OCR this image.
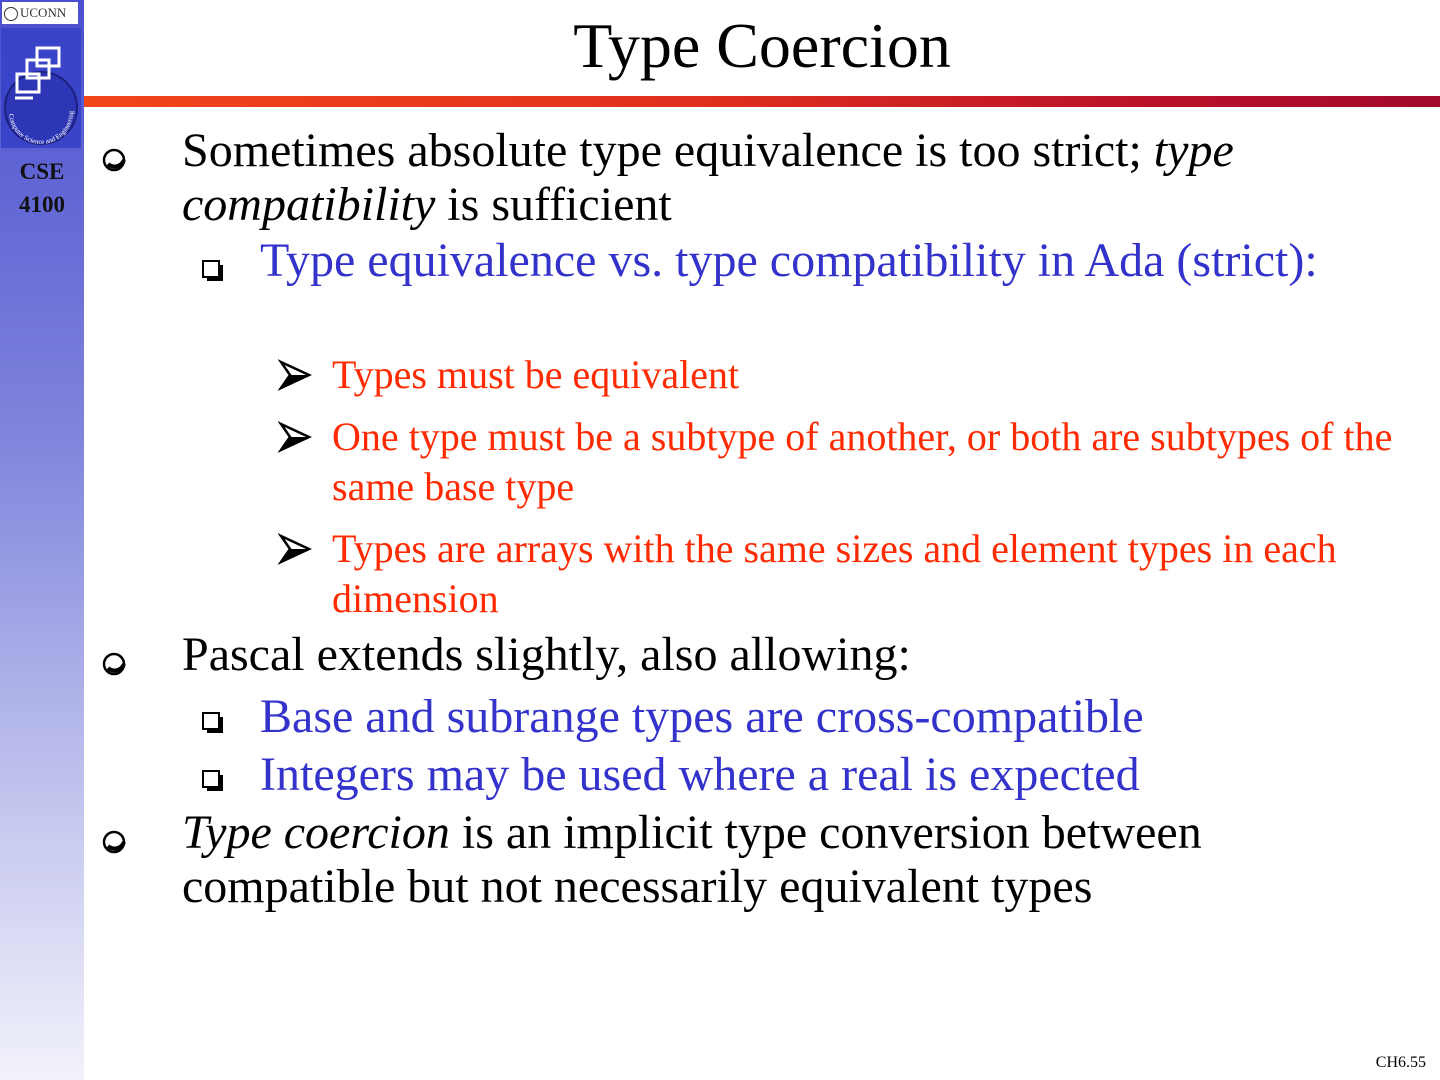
UCONN
Computer Science and Engineering
CSE
4100
Type Coercion
Sometimes absolute type equivalence is too strict; type compatibility is sufficient
Type equivalence vs. type compatibility in Ada (strict):
Types must be equivalent
One type must be a subtype of another, or both are subtypes of the same base type
Types are arrays with the same sizes and element types in each dimension
Pascal extends slightly, also allowing:
Base and subrange types are cross-compatible
Integers may be used where a real is expected
Type coercion is an implicit type conversion between compatible but not necessarily equivalent types
CH6.55
